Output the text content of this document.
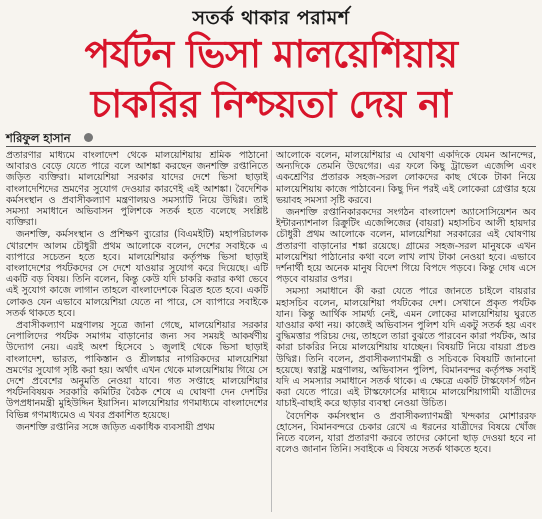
সতর্ক থাকার পরামর্শ
পর্যটন ভিসা মালয়েশিয়ায়
চাকরির নিশ্চয়তা দেয় না
শরিফুল হাসান

প্রতারণার মাধ্যমে বাংলাদেশ থেকে মালয়েশিয়ায় শ্রমিক পাঠানো আবারও বেড়ে যেতে পারে বলে আশঙ্কা করছেন জনশক্তি রপ্তানিতে জড়িত ব্যক্তিরা। মালয়েশিয়া সরকার যাদের দেশে ভিসা ছাড়াই বাংলাদেশিদের ভ্রমণের সুযোগ দেওয়ার কারণেই এই আশঙ্কা। বৈদেশিক কর্মসংস্থান ও প্রবাসীকল্যাণ মন্ত্রণালয়ও সমস্যাটি নিয়ে উদ্বিগ্ন। তাই সমস্যা সমাধানে অভিবাসন পুলিশকে সতর্ক হতে বলেছে সংশ্লিষ্ট ব্যক্তিরা।

জনশক্তি, কর্মসংস্থান ও প্রশিক্ষণ ব্যুরোর (বিএমইটি) মহাপরিচালক খোরশেদ আলম চৌধুরী প্রথম আলোকে বলেন, দেশের সবাইকে এ ব্যাপারে সচেতন হতে হবে। মালয়েশিয়ার কর্তৃপক্ষ ভিসা ছাড়াই বাংলাদেশের পর্যটকদের সে দেশে যাওয়ার সুযোগ করে দিয়েছে। এটি একটি বড় বিষয়। তিনি বলেন, কিন্তু কেউ যদি চাকরি করার কথা ভেবে এই সুযোগ কাজে লাগান তাহলে বাংলাদেশকে বিব্রত হতে হবে। একটি লোকও যেন এভাবে মালয়েশিয়া যেতে না পারে, সে ব্যাপারে সবাইকে সতর্ক থাকতে হবে।

প্রবাসীকল্যাণ মন্ত্রণালয় সূত্রে জানা গেছে, মালয়েশিয়ার সরকার নেপালিদের পর্যটক সমাগম বাড়ানোর জন্য সব সময়ই আকর্ষণীয় উদ্যোগ নেয়। এরই অংশ হিসেবে ১ জুলাই থেকে ভিসা ছাড়াই বাংলাদেশ, ভারত, পাকিস্তান ও শ্রীলঙ্কার নাগরিকদের মালয়েশিয়া ভ্রমণের সুযোগ সৃষ্টি করা হয়। অর্থাৎ এখন থেকে মালয়েশিয়ায় গিয়ে সে দেশে প্রবেশের অনুমতি নেওয়া যাবে। গত সপ্তাহে মালয়েশিয়ার পর্যটনবিষয়ক সরকারি কমিটির বৈঠক শেষে এ ঘোষণা দেন দেশটির উপপ্রধানমন্ত্রী মুহিউদ্দিন ইয়াসিন। মালয়েশিয়ার গণমাধ্যমে বাংলাদেশের বিভিন্ন গণমাধ্যমেও এ খবর প্রকাশিত হয়েছে।

জনশক্তি রপ্তানির সঙ্গে জড়িত একাধিক ব্যবসায়ী প্রথম

আলোকে বলেন, মালয়েশিয়ার এ ঘোষণা একদিকে যেমন আনন্দের, অন্যদিকে তেমনি উদ্বেগের। এর ফলে কিছু ট্রাভেল এজেন্সি এবং একশ্রেণির প্রতারক সহজ-সরল লোকদের কাছ থেকে টাকা নিয়ে মালয়েশিয়ায় কাজে পাঠাবেন। কিছু দিন পরই এই লোকেরা গ্রেপ্তার হয়ে ভয়াবহ সমস্যা সৃষ্টি করবে।

জনশক্তি রপ্তানিকারকদের সংগঠন বাংলাদেশ অ্যাসোসিয়েশন অব ইন্টারন্যাশনাল রিক্রুটিং এজেন্সিজের (বায়রা) মহাসচিব আলী হায়দার চৌধুরী প্রথম আলোকে বলেন, মালয়েশিয়া সরকারের এই ঘোষণায় প্রতারণা বাড়ানোর শঙ্কা রয়েছে। গ্রামের সহজ-সরল মানুষকে এখন মালয়েশিয়া পাঠানোর কথা বলে লাখ লাখ টাকা নেওয়া হবে। এভাবে দর্শনার্থী হয়ে অনেক মানুষ বিদেশ গিয়ে বিপদে পড়বে। কিন্তু দোষ এসে পড়বে বায়রার ওপর।

সমস্যা সমাধানে কী করা যেতে পারে জানতে চাইলে বায়রার মহাসচিব বলেন, মালয়েশিয়া পর্যটকের দেশ। সেখানে প্রকৃত পর্যটক যান। কিন্তু আর্থিক সামর্থ্য নেই, এমন লোকের মালয়েশিয়ায় ঘুরতে যাওয়ার কথা নয়। কাজেই অভিবাসন পুলিশ যদি একটু সতর্ক হয় এবং বুদ্ধিমত্তার পরিচয় দেয়, তাহলে তারা বুঝতে পারবেন কারা পর্যটক, আর কারা চাকরির নিয়ে মালয়েশিয়ায় যাচ্ছেন। বিষয়টি নিয়ে বায়রা প্রচণ্ড উদ্বিগ্ন। তিনি বলেন, প্রবাসীকল্যাণমন্ত্রী ও সচিবকে বিষয়টি জানানো হয়েছে। স্বরাষ্ট্র মন্ত্রণালয়, অভিবাসন পুলিশ, বিমানবন্দর কর্তৃপক্ষ সবাই যদি এ সমস্যার সমাধানে সতর্ক থাকে। এ ক্ষেত্রে একটি টাস্কফোর্স গঠন করা যেতে পারে। এই টাস্কফোর্সের মাধ্যমে মালয়েশিয়াগামী যাত্রীদের যাচাই-বাছাই করে ছাড়ার ব্যবস্থা নেওয়া উচিত।

বৈদেশিক কর্মসংস্থান ও প্রবাসীকল্যাণমন্ত্রী খন্দকার মোশাররফ হোসেন, বিমানবন্দরে চেকার রেখে এ ধরনের যাত্রীদের বিষয়ে খোঁজ নিতে বলেন, যারা প্রতারণা করবে তাদের কোনো ছাড় দেওয়া হবে না বলেও জানান তিনি। সবাইকে এ বিষয়ে সতর্ক থাকতে হবে।
